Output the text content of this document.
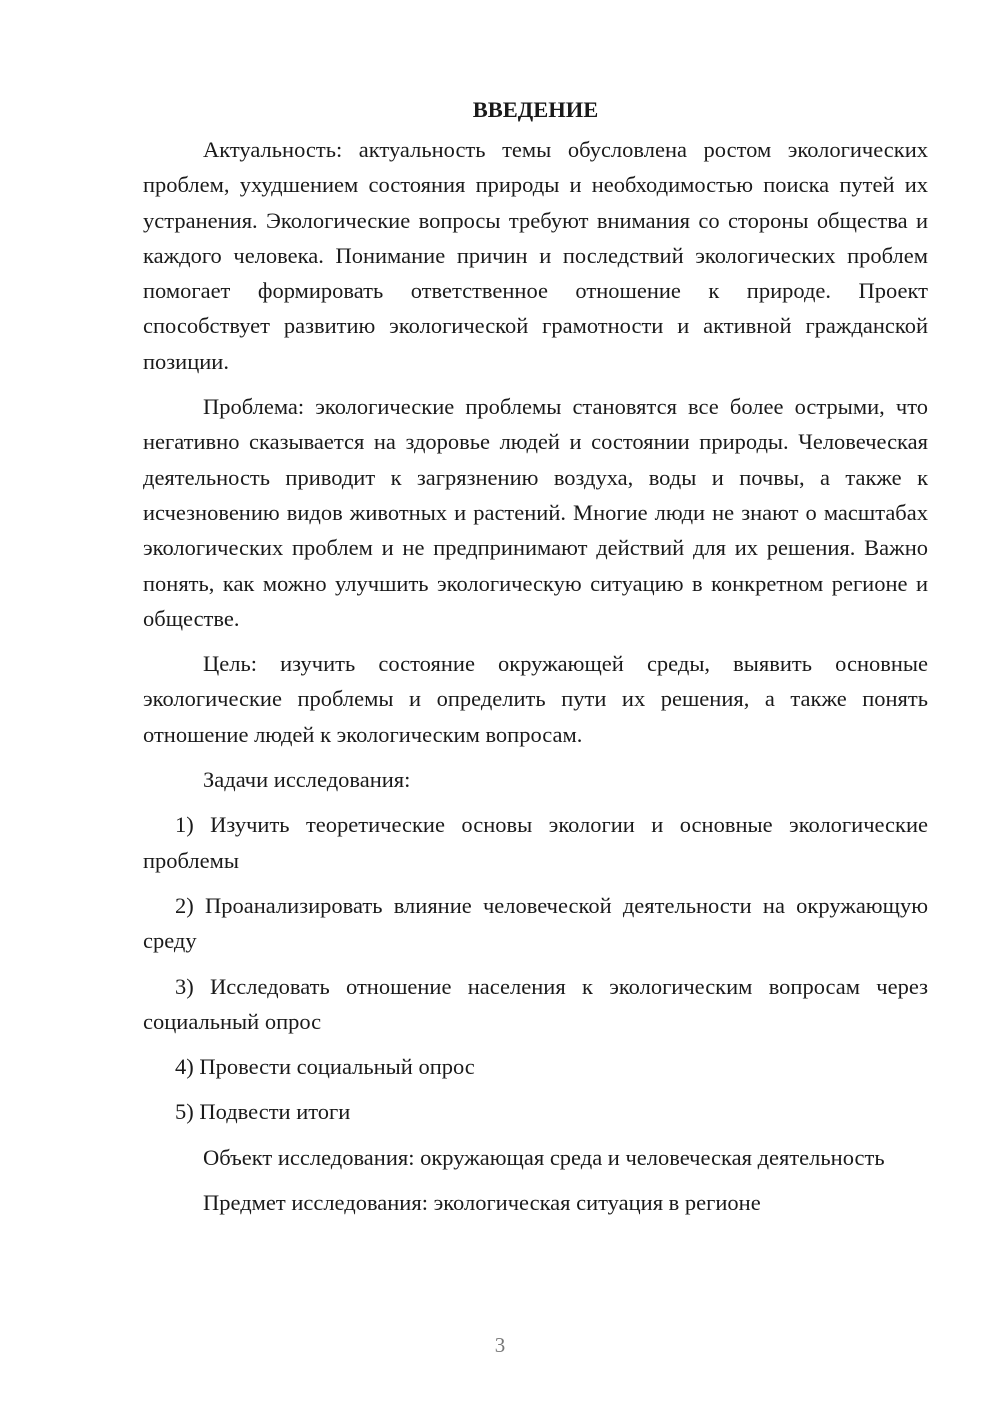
ВВЕДЕНИЕ

Актуальность: актуальность темы обусловлена ростом экологических проблем, ухудшением состояния природы и необходимостью поиска путей их устранения. Экологические вопросы требуют внимания со стороны общества и каждого человека. Понимание причин и последствий экологических проблем помогает формировать ответственное отношение к природе. Проект способствует развитию экологической грамотности и активной гражданской позиции.

Проблема: экологические проблемы становятся все более острыми, что негативно сказывается на здоровье людей и состоянии природы. Человеческая деятельность приводит к загрязнению воздуха, воды и почвы, а также к исчезновению видов животных и растений. Многие люди не знают о масштабах экологических проблем и не предпринимают действий для их решения. Важно понять, как можно улучшить экологическую ситуацию в конкретном регионе и обществе.

Цель: изучить состояние окружающей среды, выявить основные экологические проблемы и определить пути их решения, а также понять отношение людей к экологическим вопросам.

Задачи исследования:

1) Изучить теоретические основы экологии и основные экологические проблемы

2) Проанализировать влияние человеческой деятельности на окружающую среду

3) Исследовать отношение населения к экологическим вопросам через социальный опрос

4) Провести социальный опрос

5) Подвести итоги

Объект исследования: окружающая среда и человеческая деятельность

Предмет исследования: экологическая ситуация в регионе

3
